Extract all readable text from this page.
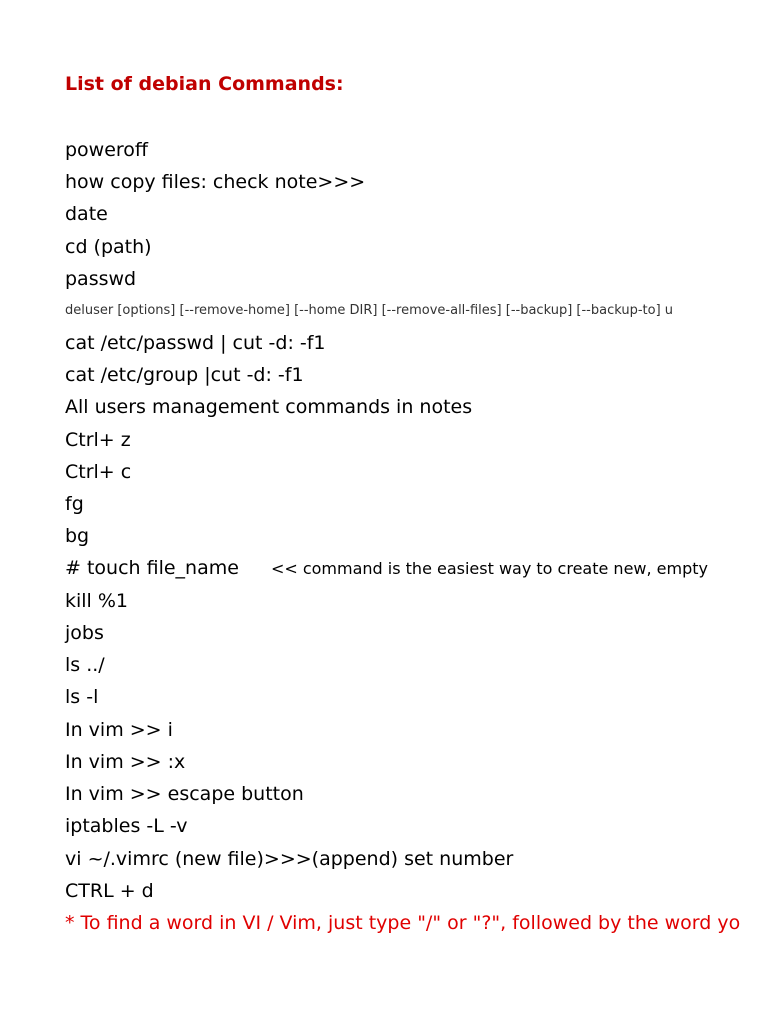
List of debian Commands:
poweroff
how copy files: check note>>>
date
cd (path)
passwd
deluser [options] [--remove-home] [--home DIR] [--remove-all-files] [--backup] [--backup-to] u
cat /etc/passwd | cut -d: -f1
cat /etc/group |cut -d: -f1
All users management commands in notes
Ctrl+ z
Ctrl+ c
fg
bg
# touch file_name << command is the easiest way to create new, empty
kill %1
jobs
ls ../
ls -l
In vim >> i
In vim >> :x
In vim >> escape button
iptables -L -v
vi ~/.vimrc (new file)>>>(append) set number
CTRL + d
* To find a word in VI / Vim, just type "/" or "?", followed by the word yo
